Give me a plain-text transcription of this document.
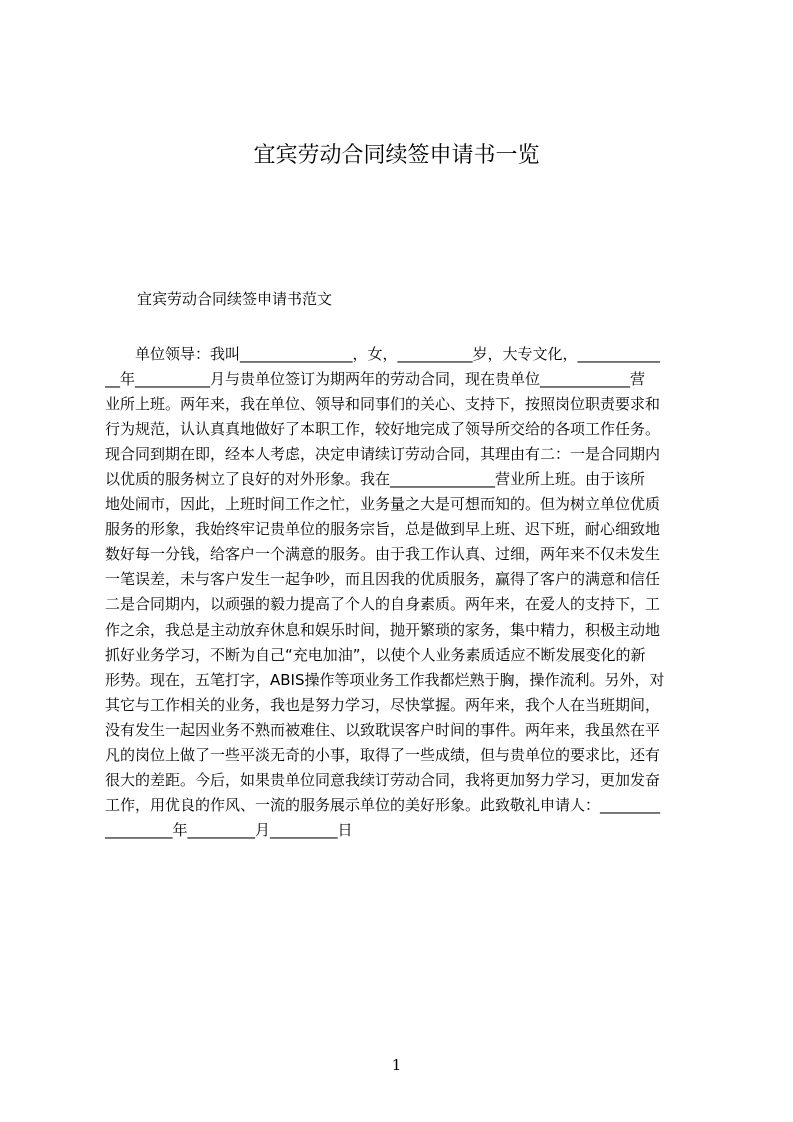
宜宾劳动合同续签申请书一览

宜宾劳动合同续签申请书范文

　　单位领导：我叫_______________，女，__________岁，大专文化，___________
__年__________月与贵单位签订为期两年的劳动合同，现在贵单位____________营
业所上班。两年来，我在单位、领导和同事们的关心、支持下，按照岗位职责要求和
行为规范，认认真真地做好了本职工作，较好地完成了领导所交给的各项工作任务。
现合同到期在即，经本人考虑，决定申请续订劳动合同，其理由有二：一是合同期内
以优质的服务树立了良好的对外形象。我在______________营业所上班。由于该所
地处闹市，因此，上班时间工作之忙，业务量之大是可想而知的。但为树立单位优质
服务的形象，我始终牢记贵单位的服务宗旨，总是做到早上班、迟下班，耐心细致地
数好每一分钱，给客户一个满意的服务。由于我工作认真、过细，两年来不仅未发生
一笔误差，未与客户发生一起争吵，而且因我的优质服务，赢得了客户的满意和信任
二是合同期内，以顽强的毅力提高了个人的自身素质。两年来，在爱人的支持下，工
作之余，我总是主动放弃休息和娱乐时间，抛开繁琐的家务，集中精力，积极主动地
抓好业务学习，不断为自己“充电加油”，以使个人业务素质适应不断发展变化的新
形势。现在，五笔打字，ABIS操作等项业务工作我都烂熟于胸，操作流利。另外，对
其它与工作相关的业务，我也是努力学习，尽快掌握。两年来，我个人在当班期间，
没有发生一起因业务不熟而被难住、以致耽误客户时间的事件。两年来，我虽然在平
凡的岗位上做了一些平淡无奇的小事，取得了一些成绩，但与贵单位的要求比，还有
很大的差距。今后，如果贵单位同意我续订劳动合同，我将更加努力学习，更加发奋
工作，用优良的作风、一流的服务展示单位的美好形象。此致敬礼申请人：________
_________年_________月_________日

1
